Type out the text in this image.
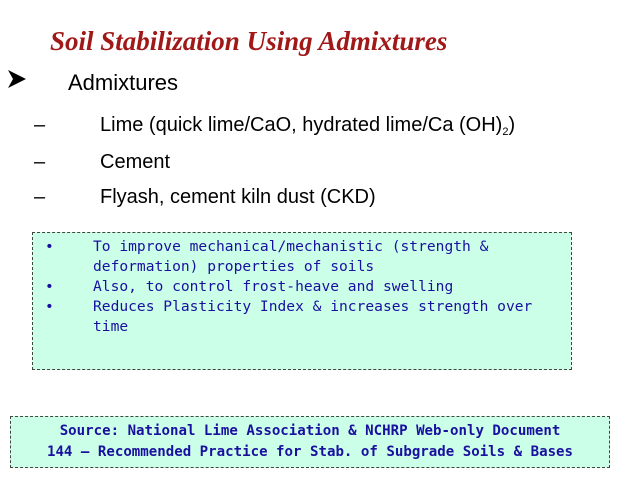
Soil Stabilization Using Admixtures
Admixtures
–	Lime (quick lime/CaO, hydrated lime/Ca $(OH)_2$)
–	Cement
–	Flyash, cement kiln dust (CKD)
•	To improve mechanical/mechanistic (strength & deformation) properties of soils
•	Also, to control frost-heave and swelling
•	Reduces Plasticity Index & increases strength over time
Source: National Lime Association & NCHRP Web-only Document
144 – Recommended Practice for Stab. of Subgrade Soils & Bases
